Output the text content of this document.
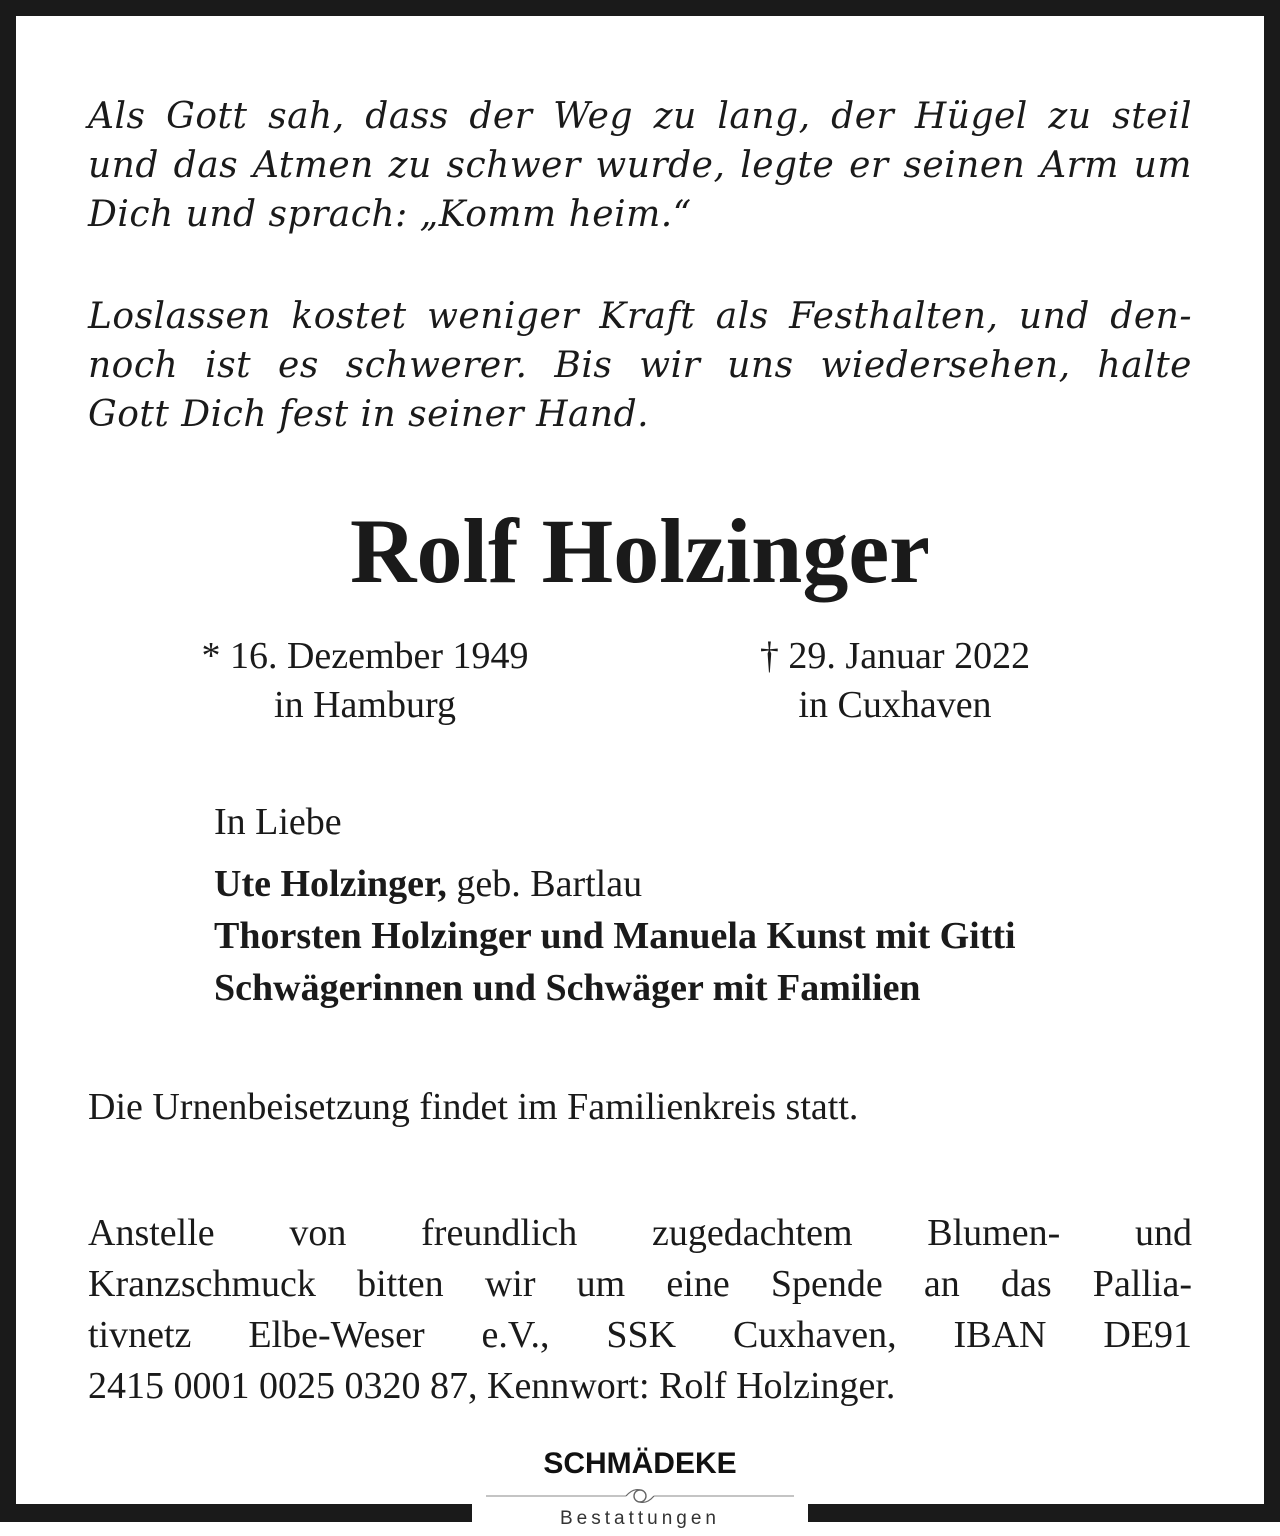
Als Gott sah, dass der Weg zu lang, der Hügel zu steil
und das Atmen zu schwer wurde, legte er seinen Arm um
Dich und sprach: „Komm heim.“
Loslassen kostet weniger Kraft als Festhalten, und den-
noch ist es schwerer. Bis wir uns wiedersehen, halte
Gott Dich fest in seiner Hand.
Rolf Holzinger
* 16. Dezember 1949
in Hamburg
† 29. Januar 2022
in Cuxhaven
In Liebe
Ute Holzinger, geb. Bartlau
Thorsten Holzinger und Manuela Kunst mit Gitti
Schwägerinnen und Schwäger mit Familien
Die Urnenbeisetzung findet im Familienkreis statt.
Anstelle von freundlich zugedachtem Blumen- und
Kranzschmuck bitten wir um eine Spende an das Pallia-
tivnetz Elbe-Weser e.V., SSK Cuxhaven, IBAN DE91
2415 0001 0025 0320 87, Kennwort: Rolf Holzinger.
SCHMÄDEKE
Bestattungen
